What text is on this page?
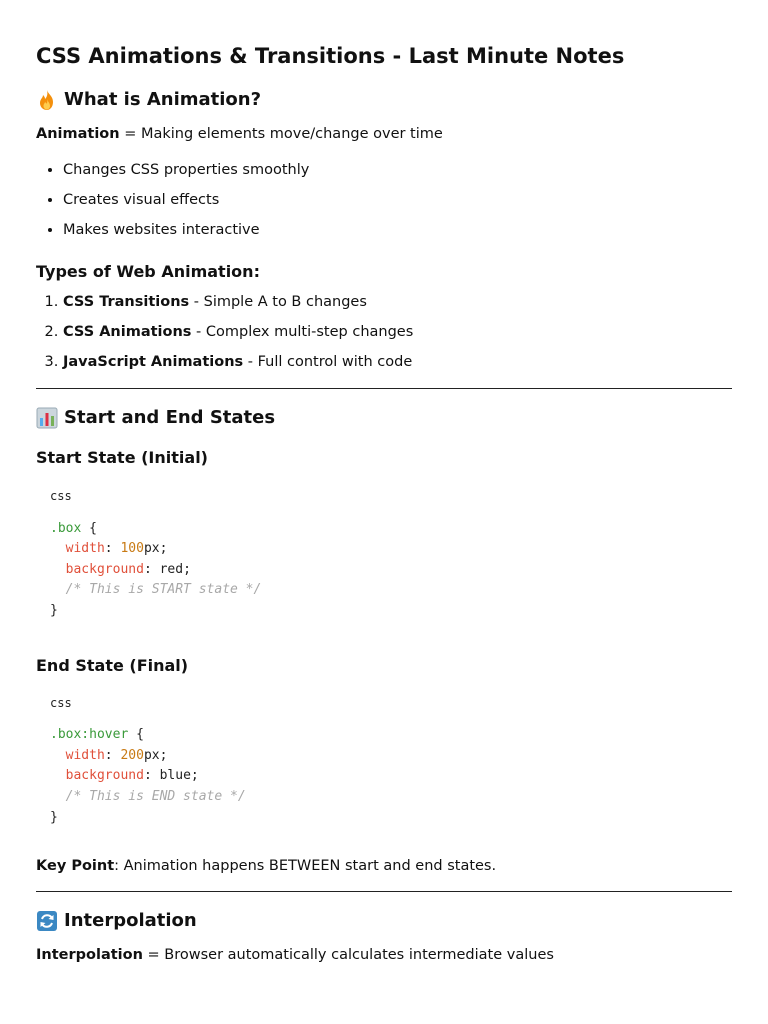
CSS Animations & Transitions - Last Minute Notes
What is Animation?

Animation = Making elements move/change over time

• Changes CSS properties smoothly
• Creates visual effects
• Makes websites interactive
Types of Web Animation:
1. CSS Transitions - Simple A to B changes
2. CSS Animations - Complex multi-step changes
3. JavaScript Animations - Full control with code
Start and End States
Start State (Initial)
css
.box {
width: 100px;
background: red;
/* This is START state */
}
End State (Final)
css
.box:hover {
width: 200px;
background: blue;
/* This is END state */
}

Key Point: Animation happens BETWEEN start and end states.

Interpolation

Interpolation = Browser automatically calculates intermediate values
